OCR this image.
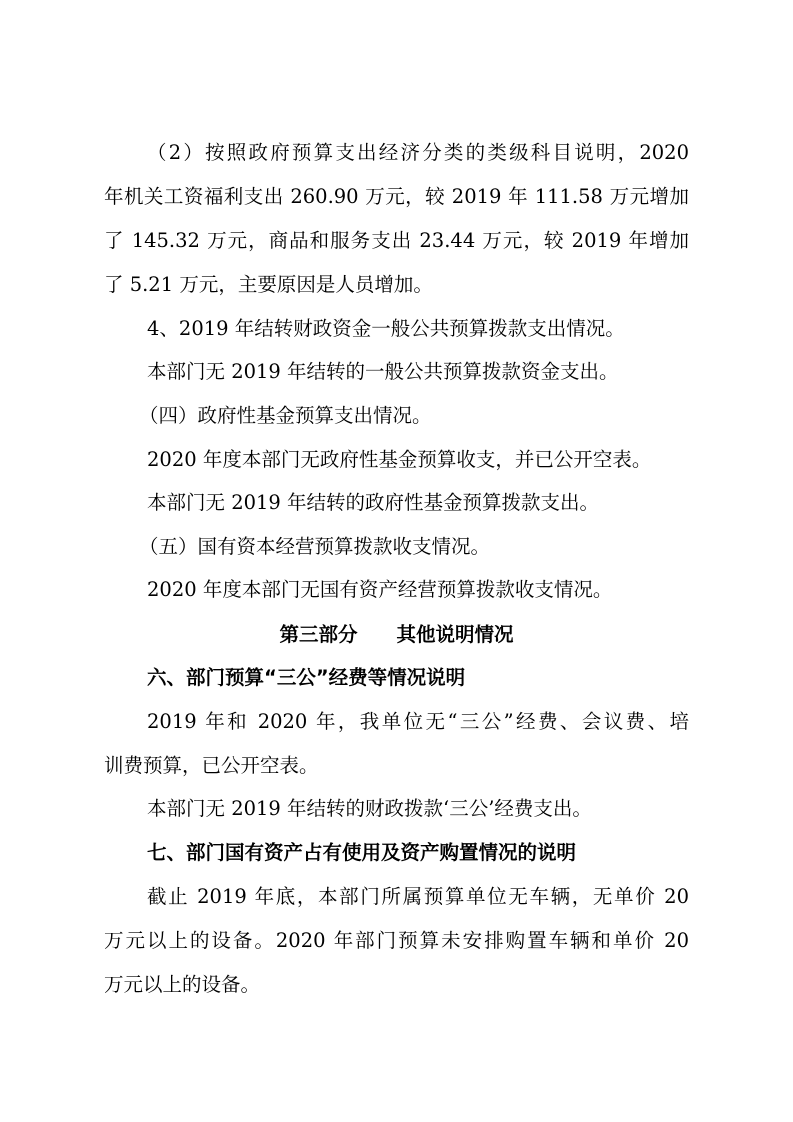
（2）按照政府预算支出经济分类的类级科目说明，2020
年机关工资福利支出 260.90 万元，较 2019 年 111.58 万元增加
了 145.32 万元，商品和服务支出 23.44 万元，较 2019 年增加
了 5.21 万元，主要原因是人员增加。
4、2019 年结转财政资金一般公共预算拨款支出情况。
本部门无 2019 年结转的一般公共预算拨款资金支出。
（四）政府性基金预算支出情况。
2020 年度本部门无政府性基金预算收支，并已公开空表。
本部门无 2019 年结转的政府性基金预算拨款支出。
（五）国有资本经营预算拨款收支情况。
2020 年度本部门无国有资产经营预算拨款收支情况。
第三部分　　其他说明情况
六、部门预算“三公”经费等情况说明
2019 年和 2020 年，我单位无“三公”经费、会议费、培
训费预算，已公开空表。
本部门无 2019 年结转的财政拨款‘三公’经费支出。
七、部门国有资产占有使用及资产购置情况的说明
截止 2019 年底，本部门所属预算单位无车辆，无单价 20
万元以上的设备。2020 年部门预算未安排购置车辆和单价 20
万元以上的设备。
